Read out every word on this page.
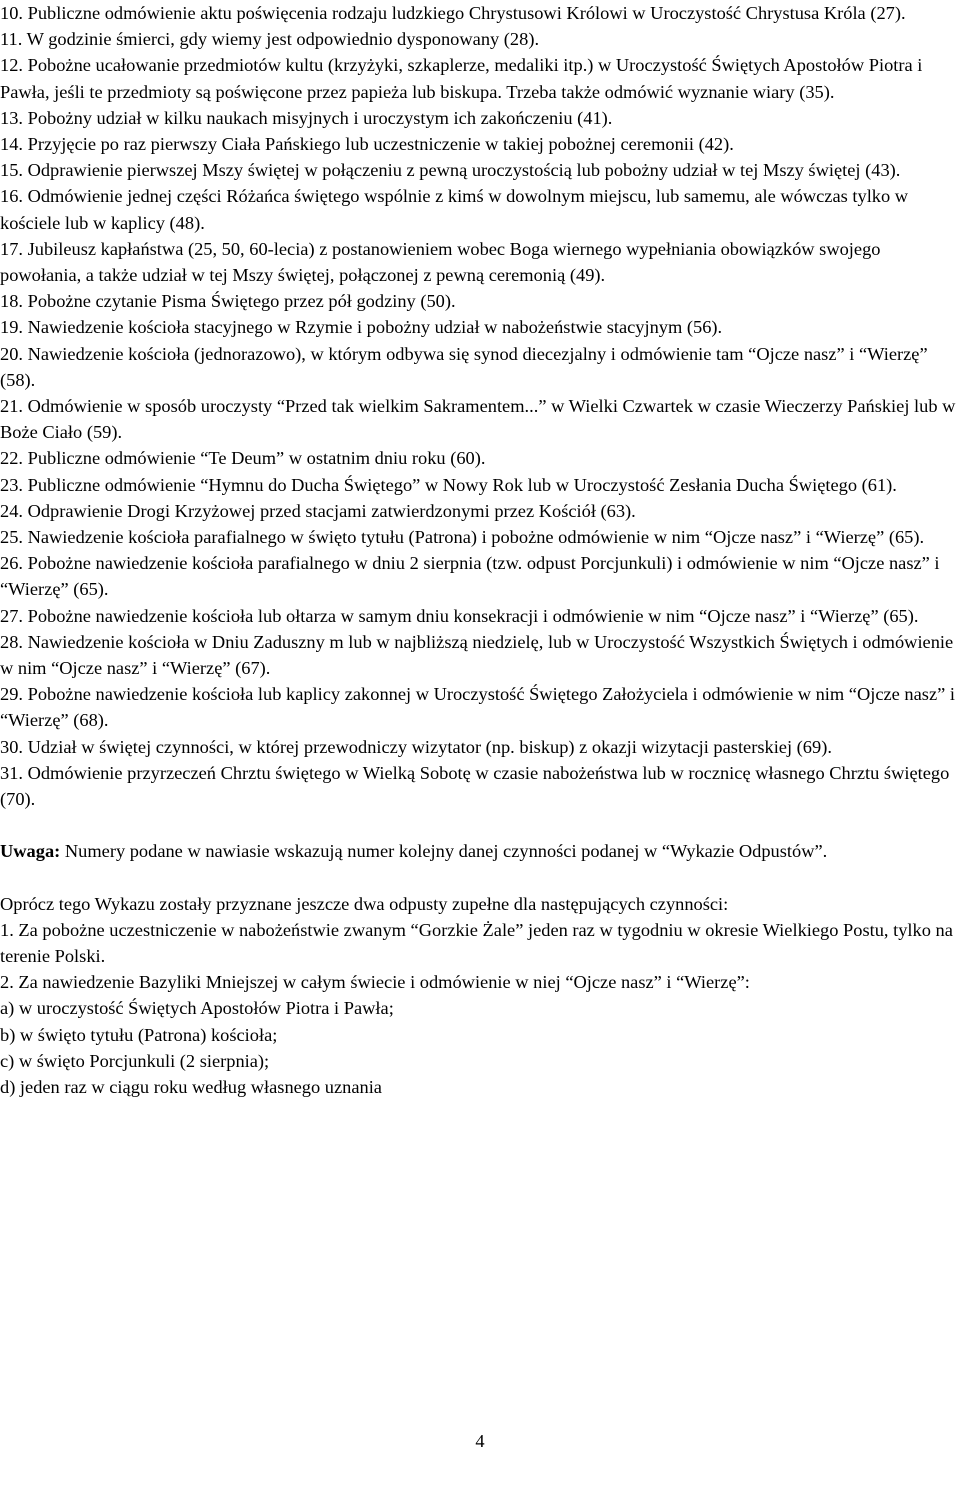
10. Publiczne odmówienie aktu poświęcenia rodzaju ludzkiego Chrystusowi Królowi w Uroczystość Chrystusa Króla (27).

11. W godzinie śmierci, gdy wiemy jest odpowiednio dysponowany (28).

12. Pobożne ucałowanie przedmiotów kultu (krzyżyki, szkaplerze, medaliki itp.) w Uroczystość Świętych Apostołów Piotra i Pawła, jeśli te przedmioty są poświęcone przez papieża lub biskupa. Trzeba także odmówić wyznanie wiary (35).

13. Pobożny udział w kilku naukach misyjnych i uroczystym ich zakończeniu (41).

14. Przyjęcie po raz pierwszy Ciała Pańskiego lub uczestniczenie w takiej pobożnej ceremonii (42).

15. Odprawienie pierwszej Mszy świętej w połączeniu z pewną uroczystością lub pobożny udział w tej Mszy świętej (43).

16. Odmówienie jednej części Różańca świętego wspólnie z kimś w dowolnym miejscu, lub samemu, ale wówczas tylko w kościele lub w kaplicy (48).

17. Jubileusz kapłaństwa (25, 50, 60-lecia) z postanowieniem wobec Boga wiernego wypełniania obowiązków swojego powołania, a także udział w tej Mszy świętej, połączonej z pewną ceremonią (49).

18. Pobożne czytanie Pisma Świętego przez pół godziny (50).

19. Nawiedzenie kościoła stacyjnego w Rzymie i pobożny udział w nabożeństwie stacyjnym (56).

20. Nawiedzenie kościoła (jednorazowo), w którym odbywa się synod diecezjalny i odmówienie tam “Ojcze nasz” i “Wierzę” (58).

21. Odmówienie w sposób uroczysty “Przed tak wielkim Sakramentem...” w Wielki Czwartek w czasie Wieczerzy Pańskiej lub w Boże Ciało (59).

22. Publiczne odmówienie “Te Deum” w ostatnim dniu roku (60).

23. Publiczne odmówienie “Hymnu do Ducha Świętego” w Nowy Rok lub w Uroczystość Zesłania Ducha Świętego (61).

24. Odprawienie Drogi Krzyżowej przed stacjami zatwierdzonymi przez Kościół (63).

25. Nawiedzenie kościoła parafialnego w święto tytułu (Patrona) i pobożne odmówienie w nim “Ojcze nasz” i “Wierzę” (65).

26. Pobożne nawiedzenie kościoła parafialnego w dniu 2 sierpnia (tzw. odpust Porcjunkuli) i odmówienie w nim “Ojcze nasz” i “Wierzę” (65).

27. Pobożne nawiedzenie kościoła lub ołtarza w samym dniu konsekracji i odmówienie w nim “Ojcze nasz” i “Wierzę” (65).

28. Nawiedzenie kościoła w Dniu Zaduszny m lub w najbliższą niedzielę, lub w Uroczystość Wszystkich Świętych i odmówienie w nim “Ojcze nasz” i “Wierzę” (67).

29. Pobożne nawiedzenie kościoła lub kaplicy zakonnej w Uroczystość Świętego Założyciela i odmówienie w nim “Ojcze nasz” i “Wierzę” (68).

30. Udział w świętej czynności, w której przewodniczy wizytator (np. biskup) z okazji wizytacji pasterskiej (69).

31. Odmówienie przyrzeczeń Chrztu świętego w Wielką Sobotę w czasie nabożeństwa lub w rocznicę własnego Chrztu świętego (70).

Uwaga: Numery podane w nawiasie wskazują numer kolejny danej czynności podanej w “Wykazie Odpustów”.

Oprócz tego Wykazu zostały przyznane jeszcze dwa odpusty zupełne dla następujących czynności:

1. Za pobożne uczestniczenie w nabożeństwie zwanym “Gorzkie Żale” jeden raz w tygodniu w okresie Wielkiego Postu, tylko na terenie Polski.

2. Za nawiedzenie Bazyliki Mniejszej w całym świecie i odmówienie w niej “Ojcze nasz” i “Wierzę”:

a) w uroczystość Świętych Apostołów Piotra i Pawła;

b) w święto tytułu (Patrona) kościoła;

c) w święto Porcjunkuli (2 sierpnia);

d) jeden raz w ciągu roku według własnego uznania

4
